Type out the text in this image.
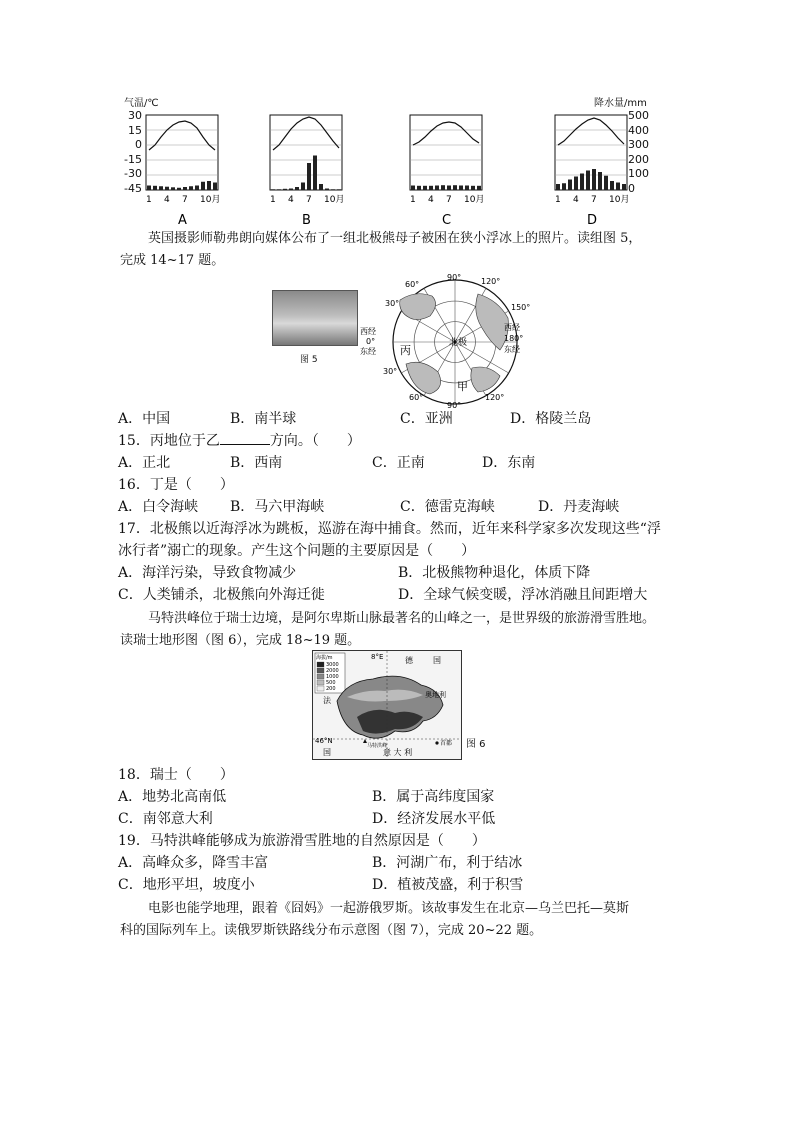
气温/℃	降水量/mm
30
15
0
-15
-30
-45
500
400
300
200
100
0
1 4 7 10月
A
1 4 7 10月
B
1 4 7 10月
C
1 4 7 10月
D
英国摄影师勒弗朗向媒体公布了一组北极熊母子被困在狭小浮冰上的照片。读组图 5，
完成 14~17 题。
图 5
北极
90° 120°
60°
150°
30°
90°
120°
60°
30°
西经
0°
东经
西经
180°
东经
丙
甲
A．中国	B．南半球	C．亚洲	D．格陵兰岛
15．丙地位于乙	方向。（　　）
A．正北	B．西南	C．正南	D．东南
16．丁是（　　）
A．白令海峡 B．马六甲海峡	C．德雷克海峡	D．丹麦海峡
17．北极熊以近海浮冰为跳板，巡游在海中捕食。然而，近年来科学家多次发现这些“浮
冰行者”溺亡的现象。产生这个问题的主要原因是（　　）
A．海洋污染，导致食物减少	B．北极熊物种退化，体质下降
C．人类铺杀，北极熊向外海迁徙	D．全球气候变暖，浮冰消融且间距增大
马特洪峰位于瑞士边境，是阿尔卑斯山脉最著名的山峰之一，是世界级的旅游滑雪胜地。
读瑞士地形图（图 6），完成 18~19 题。
海拔/m
3000
2000
1000
500
200
8°E
46°N
德	国
奥地利
法
国	意 大 利
马特洪峰	首都 图 6
18．瑞士（　　）
A．地势北高南低	B．属于高纬度国家
C．南邻意大利	D．经济发展水平低
19．马特洪峰能够成为旅游滑雪胜地的自然原因是（　　）
A．高峰众多，降雪丰富	B．河湖广布，利于结冰
C．地形平坦，坡度小	D．植被茂盛，利于积雪
电影也能学地理，跟着《囧妈》一起游俄罗斯。该故事发生在北京—乌兰巴托—莫斯
科的国际列车上。读俄罗斯铁路线分布示意图（图 7），完成 20~22 题。
